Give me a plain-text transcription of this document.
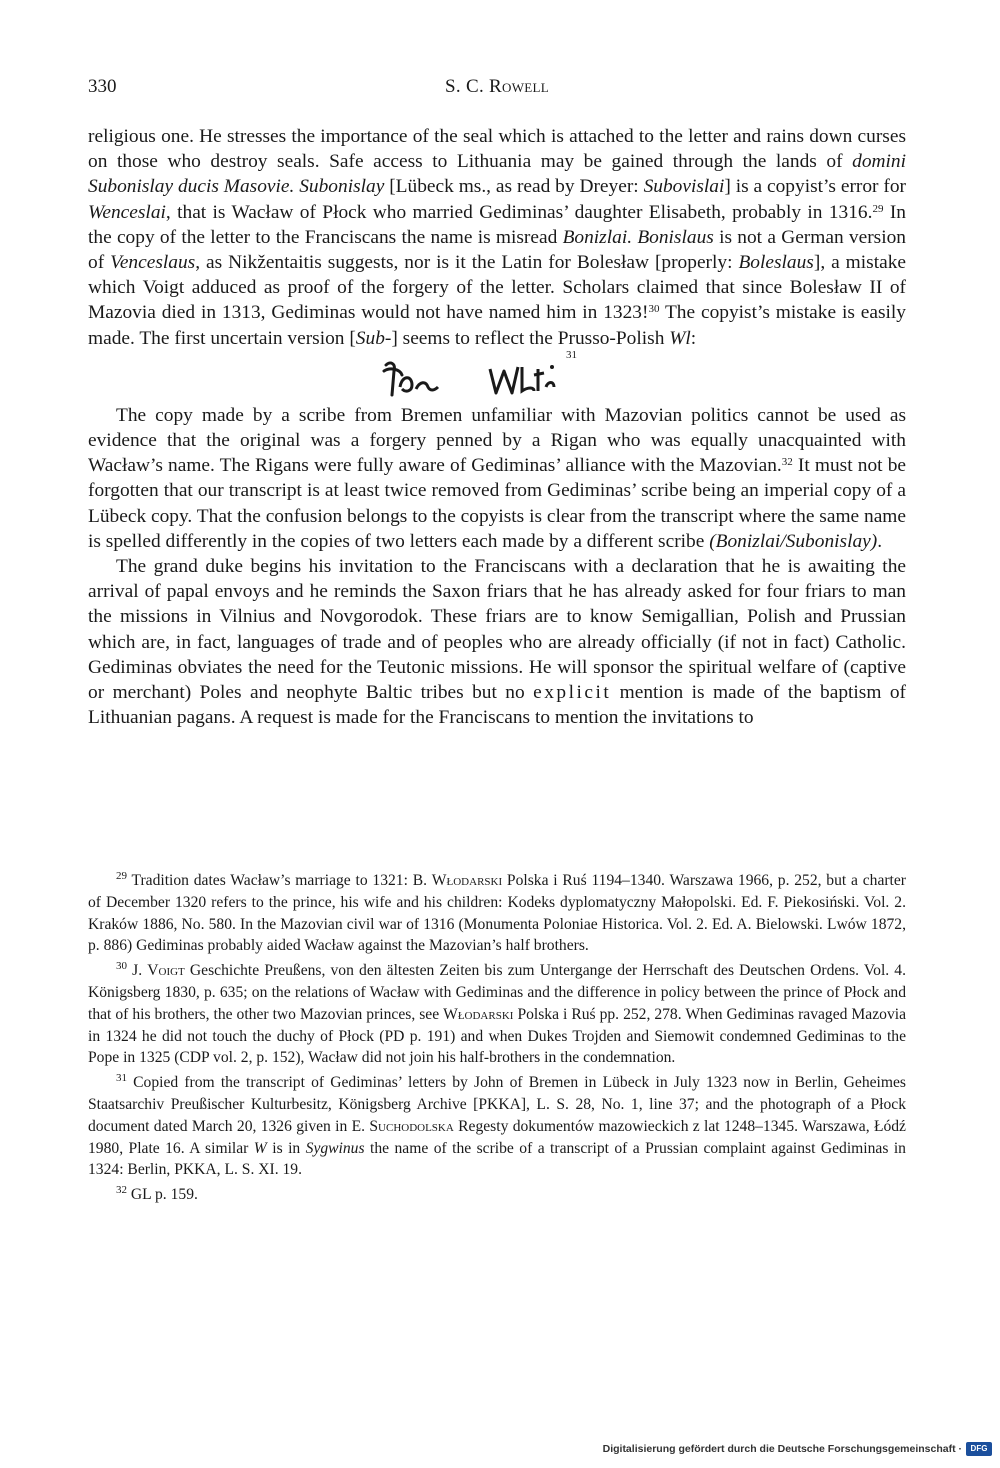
330	S. C. Rowell

religious one. He stresses the importance of the seal which is attached to the letter and rains down curses on those who destroy seals. Safe access to Lithuania may be gained through the lands of domini Subonislay ducis Masovie. Subonislay [Lübeck ms., as read by Dreyer: Subovislai] is a copyist’s error for Wenceslai, that is Wacław of Płock who married Gediminas’ daughter Elisabeth, probably in 1316.29 In the copy of the letter to the Franciscans the name is misread Bonizlai. Bonislaus is not a German version of Venceslaus, as Nikžentaitis suggests, nor is it the Latin for Bolesław [properly: Boleslaus], a mistake which Voigt adduced as proof of the forgery of the letter. Scholars claimed that since Bolesław II of Mazovia died in 1313, Gediminas would not have named him in 1323!$^{30}$ The copyist’s mistake is easily made. The first uncertain version [Sub-] seems to reflect the Prusso-Polish Wl:

31

The copy made by a scribe from Bremen unfamiliar with Mazovian politics cannot be used as evidence that the original was a forgery penned by a Rigan who was equally unacquainted with Wacław’s name. The Rigans were fully aware of Gediminas’ alliance with the Mazovian.$^{32}$ It must not be forgotten that our transcript is at least twice removed from Gediminas’ scribe being an imperial copy of a Lübeck copy. That the confusion belongs to the copyists is clear from the transcript where the same name is spelled differently in the copies of two letters each made by a different scribe (Bonizlai/Subonislay).

The grand duke begins his invitation to the Franciscans with a declaration that he is awaiting the arrival of papal envoys and he reminds the Saxon friars that he has already asked for four friars to man the missions in Vilnius and Novgorodok. These friars are to know Semigallian, Polish and Prussian which are, in fact, languages of trade and of peoples who are already officially (if not in fact) Catholic. Gediminas obviates the need for the Teutonic missions. He will sponsor the spiritual welfare of (captive or merchant) Poles and neophyte Baltic tribes but no explicit mention is made of the baptism of Lithuanian pagans. A request is made for the Franciscans to mention the invitations to

$^{29}$ Tradition dates Wacław’s marriage to 1321: B. Włodarski Polska i Ruś 1194–1340. Warszawa 1966, p. 252, but a charter of December 1320 refers to the prince, his wife and his children: Kodeks dyplomatyczny Małopolski. Ed. F. Piekosiński. Vol. 2. Kraków 1886, No. 580. In the Mazovian civil war of 1316 (Monumenta Poloniae Historica. Vol. 2. Ed. A. Bielowski. Lwów 1872, p. 886) Gediminas probably aided Wacław against the Mazovian’s half brothers.

$^{30}$ J. Voigt Geschichte Preußens, von den ältesten Zeiten bis zum Untergange der Herrschaft des Deutschen Ordens. Vol. 4. Königsberg 1830, p. 635; on the relations of Wacław with Gediminas and the difference in policy between the prince of Płock and that of his brothers, the other two Mazovian princes, see Włodarski Polska i Ruś pp. 252, 278. When Gediminas ravaged Mazovia in 1324 he did not touch the duchy of Płock (PD p. 191) and when Dukes Trojden and Siemowit condemned Gediminas to the Pope in 1325 (CDP vol. 2, p. 152), Wacław did not join his half-brothers in the condemnation.

$^{31}$ Copied from the transcript of Gediminas’ letters by John of Bremen in Lübeck in July 1323 now in Berlin, Geheimes Staatsarchiv Preußischer Kulturbesitz, Königsberg Archive [PKKA], L. S. 28, No. 1, line 37; and the photograph of a Płock document dated March 20, 1326 given in E. Suchodolska Regesty dokumentów mazowieckich z lat 1248–1345. Warszawa, Łódź 1980, Plate 16. A similar W is in Sygwinus the name of the scribe of a transcript of a Prussian complaint against Gediminas in 1324: Berlin, PKKA, L. S. XI. 19.

$^{32}$ GL p. 159.

Digitalisierung gefördert durch die Deutsche Forschungsgemeinschaft ·	DFG
